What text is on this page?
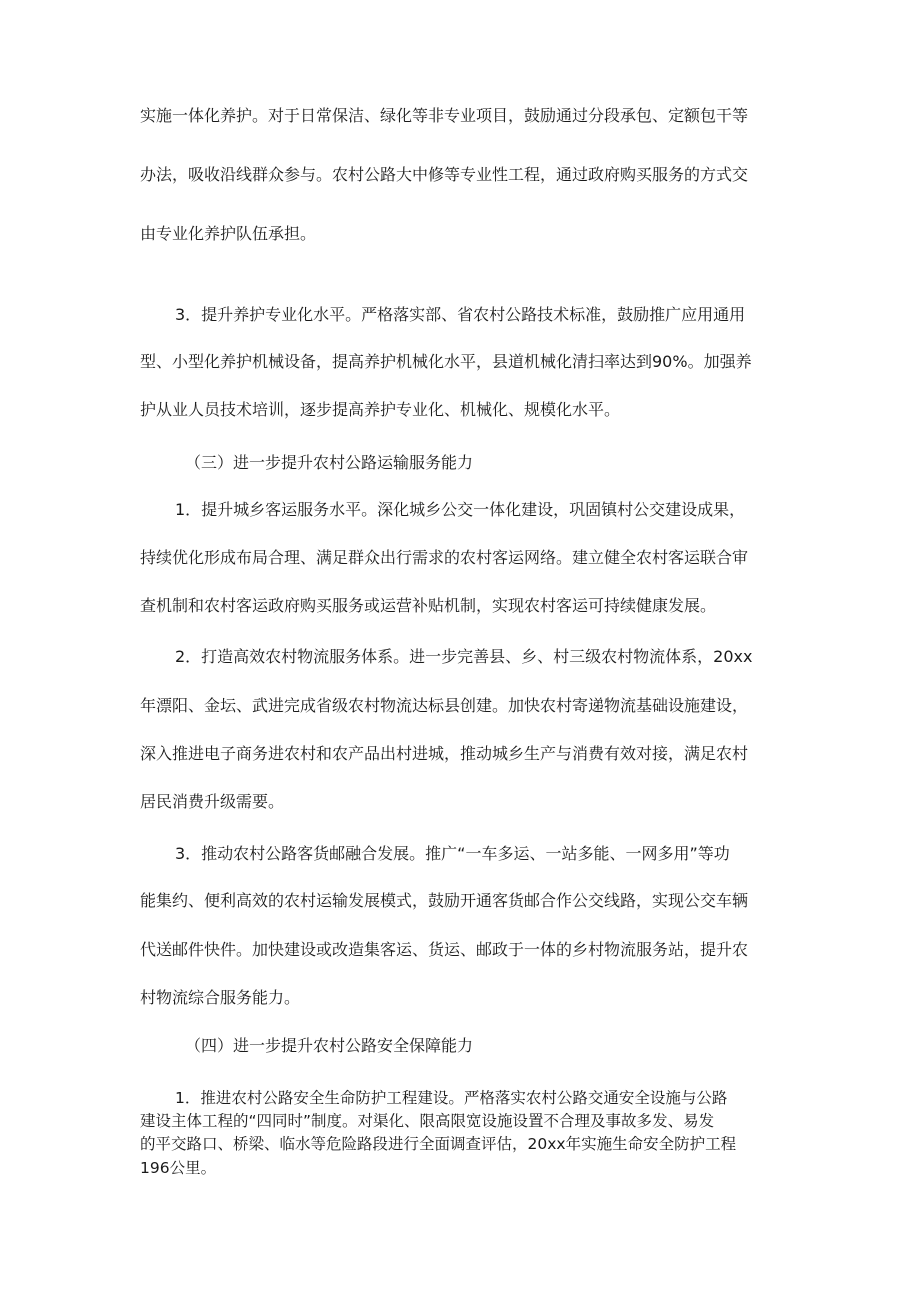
实施一体化养护。对于日常保洁、绿化等非专业项目，鼓励通过分段承包、定额包干等

办法，吸收沿线群众参与。农村公路大中修等专业性工程，通过政府购买服务的方式交

由专业化养护队伍承担。

3．提升养护专业化水平。严格落实部、省农村公路技术标准，鼓励推广应用通用

型、小型化养护机械设备，提高养护机械化水平，县道机械化清扫率达到90%。加强养

护从业人员技术培训，逐步提高养护专业化、机械化、规模化水平。

（三）进一步提升农村公路运输服务能力

1．提升城乡客运服务水平。深化城乡公交一体化建设，巩固镇村公交建设成果，

持续优化形成布局合理、满足群众出行需求的农村客运网络。建立健全农村客运联合审

查机制和农村客运政府购买服务或运营补贴机制，实现农村客运可持续健康发展。

2．打造高效农村物流服务体系。进一步完善县、乡、村三级农村物流体系，20xx

年漂阳、金坛、武进完成省级农村物流达标县创建。加快农村寄递物流基础设施建设，

深入推进电子商务进农村和农产品出村进城，推动城乡生产与消费有效对接，满足农村

居民消费升级需要。

3．推动农村公路客货邮融合发展。推广“一车多运、一站多能、一网多用”等功

能集约、便利高效的农村运输发展模式，鼓励开通客货邮合作公交线路，实现公交车辆

代送邮件快件。加快建设或改造集客运、货运、邮政于一体的乡村物流服务站，提升农

村物流综合服务能力。

（四）进一步提升农村公路安全保障能力

1．推进农村公路安全生命防护工程建设。严格落实农村公路交通安全设施与公路

建设主体工程的“四同时”制度。对渠化、限高限宽设施设置不合理及事故多发、易发

的平交路口、桥梁、临水等危险路段进行全面调查评估，20xx年实施生命安全防护工程

196公里。
